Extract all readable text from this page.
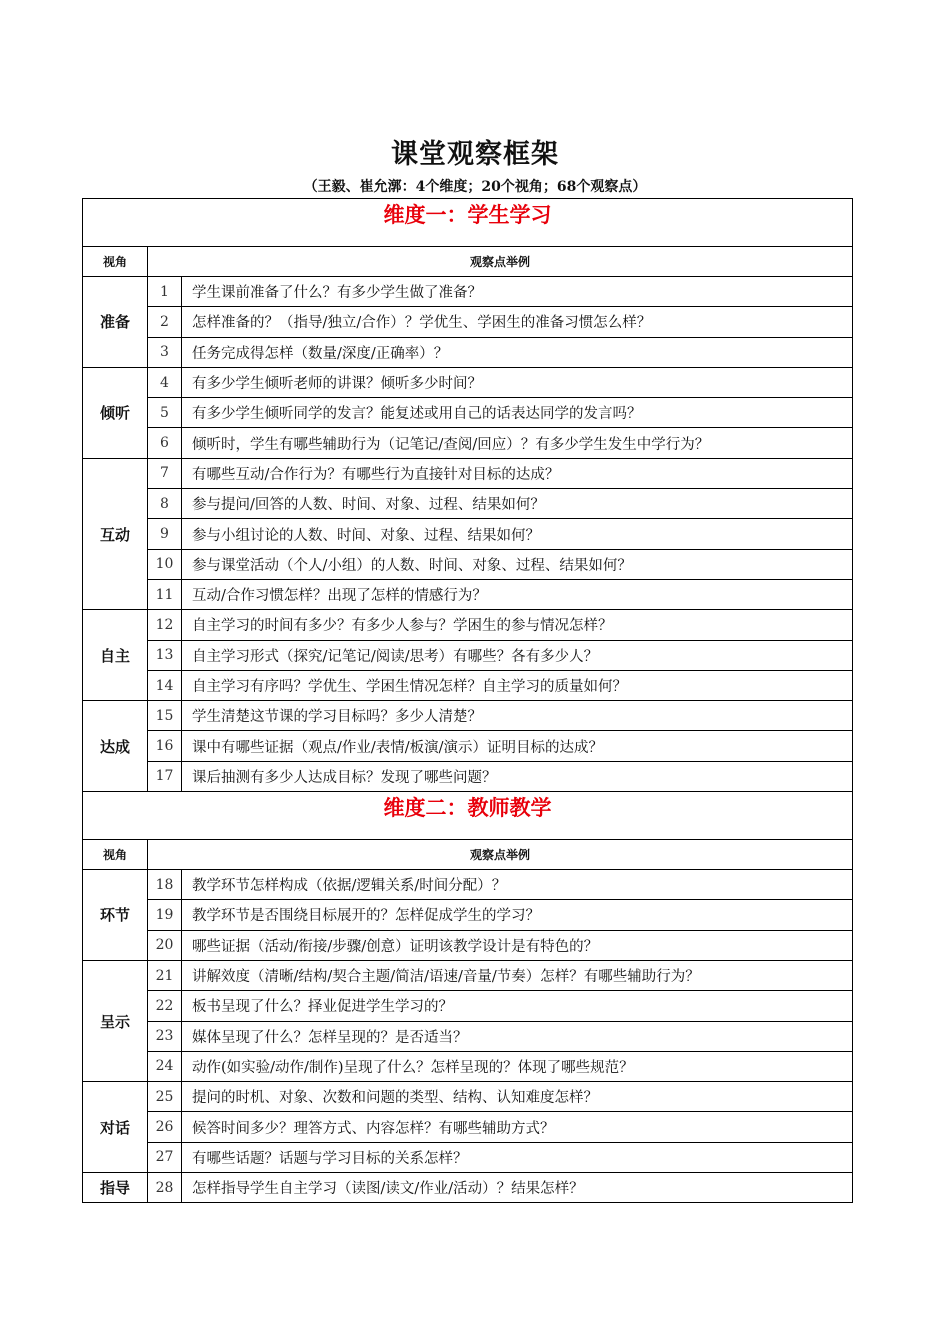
课堂观察框架
（王毅、崔允漷：4个维度；20个视角；68个观察点）
维度一：学生学习		

视角	观察点举例	
准备	1	学生课前准备了什么？有多少学生做了准备？
	2	怎样准备的？（指导/独立/合作）？学优生、学困生的准备习惯怎么样？
	3	任务完成得怎样（数量/深度/正确率）？
倾听	4	有多少学生倾听老师的讲课？倾听多少时间？
	5	有多少学生倾听同学的发言？能复述或用自己的话表达同学的发言吗？
	6	倾听时，学生有哪些辅助行为（记笔记/查阅/回应）？有多少学生发生中学行为？
互动	7	有哪些互动/合作行为？有哪些行为直接针对目标的达成？
	8	参与提问/回答的人数、时间、对象、过程、结果如何？
	9	参与小组讨论的人数、时间、对象、过程、结果如何？
	10	参与课堂活动（个人/小组）的人数、时间、对象、过程、结果如何？
	11	互动/合作习惯怎样？出现了怎样的情感行为？
自主	12	自主学习的时间有多少？有多少人参与？学困生的参与情况怎样？
	13	自主学习形式（探究/记笔记/阅读/思考）有哪些？各有多少人？
	14	自主学习有序吗？学优生、学困生情况怎样？自主学习的质量如何？
达成	15	学生清楚这节课的学习目标吗？多少人清楚？
	16	课中有哪些证据（观点/作业/表情/板演/演示）证明目标的达成？
	17	课后抽测有多少人达成目标？发现了哪些问题？
维度二：教师教学		

视角	观察点举例	
环节	18	教学环节怎样构成（依据/逻辑关系/时间分配）？
	19	教学环节是否围绕目标展开的？怎样促成学生的学习？
	20	哪些证据（活动/衔接/步骤/创意）证明该教学设计是有特色的？
呈示	21	讲解效度（清晰/结构/契合主题/简洁/语速/音量/节奏）怎样？有哪些辅助行为？
	22	板书呈现了什么？择业促进学生学习的？
	23	媒体呈现了什么？怎样呈现的？是否适当？
	24	动作(如实验/动作/制作)呈现了什么？怎样呈现的？体现了哪些规范？
对话	25	提问的时机、对象、次数和问题的类型、结构、认知难度怎样？
	26	候答时间多少？理答方式、内容怎样？有哪些辅助方式？
	27	有哪些话题？话题与学习目标的关系怎样？
指导	28	怎样指导学生自主学习（读图/读文/作业/活动）？结果怎样？
